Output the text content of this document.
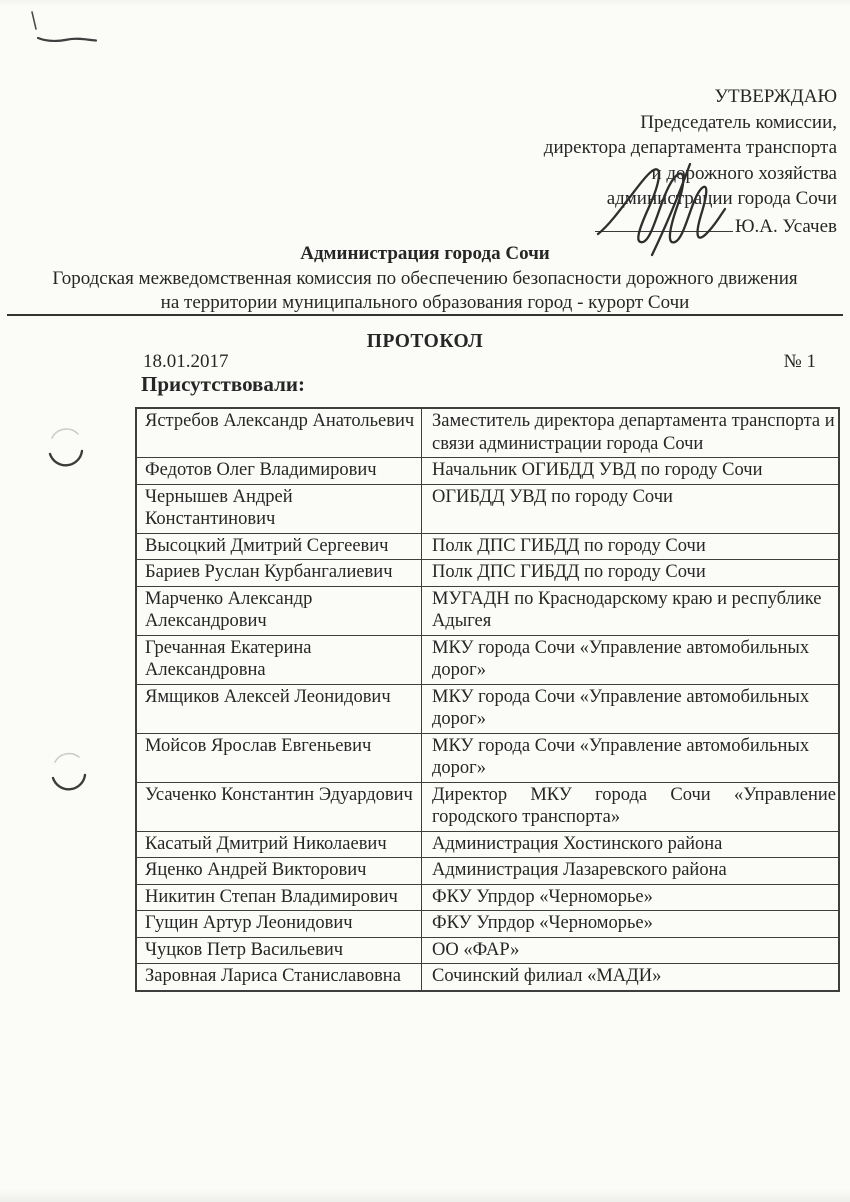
УТВЕРЖДАЮ
Председатель комиссии,
директора департамента транспорта
и дорожного хозяйства
администрации города Сочи
Ю.А. Усачев
Администрация города Сочи
Городская межведомственная комиссия по обеспечению безопасности дорожного движения на территории муниципального образования город - курорт Сочи
ПРОТОКОЛ
18.01.2017	№ 1
Присутствовали:
Ястребов Александр Анатольевич	Заместитель директора департамента транспорта и связи администрации города Сочи
Федотов Олег Владимирович	Начальник ОГИБДД УВД по городу Сочи
Чернышев Андрей Константинович	ОГИБДД УВД по городу Сочи
Высоцкий Дмитрий Сергеевич	Полк ДПС ГИБДД по городу Сочи
Бариев Руслан Курбангалиевич	Полк ДПС ГИБДД по городу Сочи
Марченко Александр Александрович	МУГАДН по Краснодарскому краю и республике Адыгея
Гречанная Екатерина Александровна	МКУ города Сочи «Управление автомобильных дорог»
Ямщиков Алексей Леонидович	МКУ города Сочи «Управление автомобильных дорог»
Мойсов Ярослав Евгеньевич	МКУ города Сочи «Управление автомобильных дорог»
Усаченко Константин Эдуардович	Директор МКУ города Сочи «Управление городского транспорта»
Касатый Дмитрий Николаевич	Администрация Хостинского района
Яценко Андрей Викторович	Администрация Лазаревского района
Никитин Степан Владимирович	ФКУ Упрдор «Черноморье»
Гущин Артур Леонидович	ФКУ Упрдор «Черноморье»
Чуцков Петр Васильевич	ОО «ФАР»
Заровная Лариса Станиславовна	Сочинский филиал «МАДИ»
